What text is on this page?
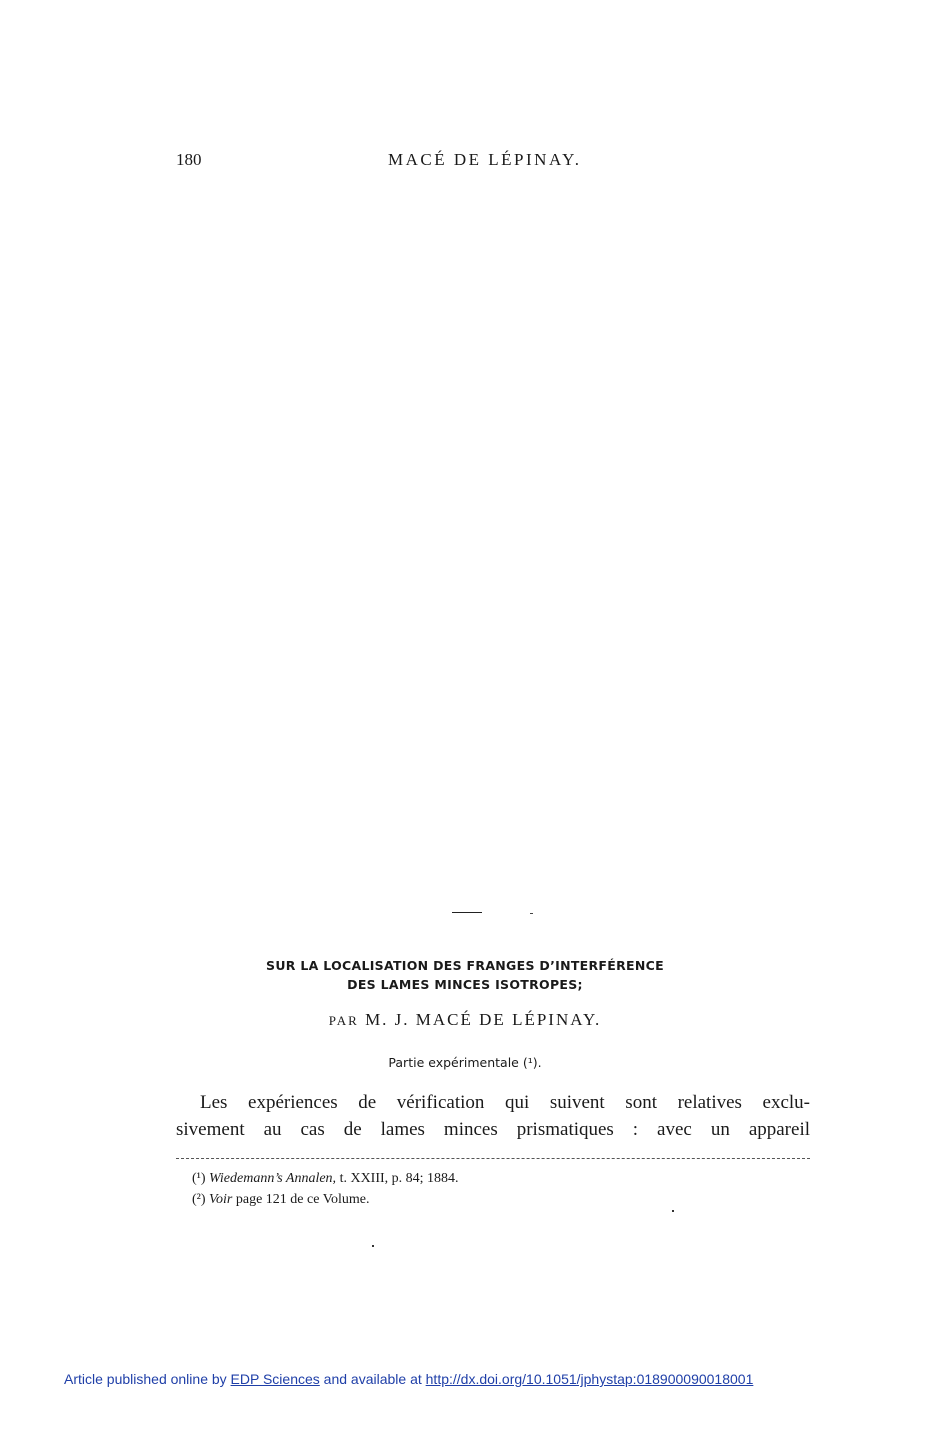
180	MACÉ DE LÉPINAY.
SUR LA LOCALISATION DES FRANGES D’INTERFÉRENCE
DES LAMES MINCES ISOTROPES;
PAR M. J. MACÉ DE LÉPINAY.
Partie expérimentale (¹).
Les expériences de vérification qui suivent sont relatives exclu-
sivement au cas de lames minces prismatiques : avec un appareil
(¹) Wiedemann’s Annalen, t. XXIII, p. 84; 1884.
(²) Voir page 121 de ce Volume.
Article published online by EDP Sciences and available at http://dx.doi.org/10.1051/jphystap:018900090018001
